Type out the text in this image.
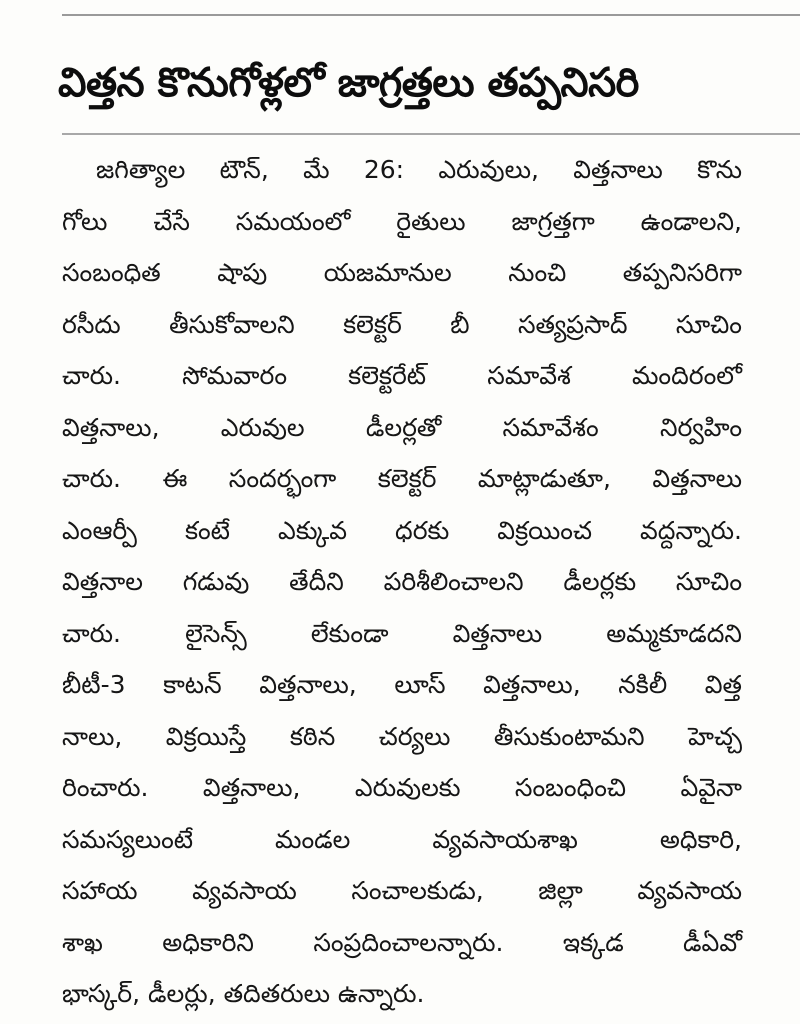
విత్తన కొనుగోళ్లలో జాగ్రత్తలు తప్పనిసరి
జగిత్యాల టౌన్, మే 26: ఎరువులు, విత్తనాలు కొను
గోలు చేసే సమయంలో రైతులు జాగ్రత్తగా ఉండాలని,
సంబంధిత షాపు యజమానుల నుంచి తప్పనిసరిగా
రసీదు తీసుకోవాలని కలెక్టర్ బీ సత్యప్రసాద్ సూచిం
చారు. సోమవారం కలెక్టరేట్ సమావేశ మందిరంలో
విత్తనాలు, ఎరువుల డీలర్లతో సమావేశం నిర్వహిం
చారు. ఈ సందర్భంగా కలెక్టర్ మాట్లాడుతూ, విత్తనాలు
ఎంఆర్పీ కంటే ఎక్కువ ధరకు విక్రయించ వద్దన్నారు.
విత్తనాల గడువు తేదీని పరిశీలించాలని డీలర్లకు సూచిం
చారు. లైసెన్స్ లేకుండా విత్తనాలు అమ్మకూడదని
బీటీ-3 కాటన్ విత్తనాలు, లూస్ విత్తనాలు, నకిలీ విత్త
నాలు, విక్రయిస్తే కఠిన చర్యలు తీసుకుంటామని హెచ్చ
రించారు. విత్తనాలు, ఎరువులకు సంబంధించి ఏవైనా
సమస్యలుంటే మండల వ్యవసాయశాఖ అధికారి,
సహాయ వ్యవసాయ సంచాలకుడు, జిల్లా వ్యవసాయ
శాఖ అధికారిని సంప్రదించాలన్నారు. ఇక్కడ డీఏవో
భాస్కర్, డీలర్లు, తదితరులు ఉన్నారు.
